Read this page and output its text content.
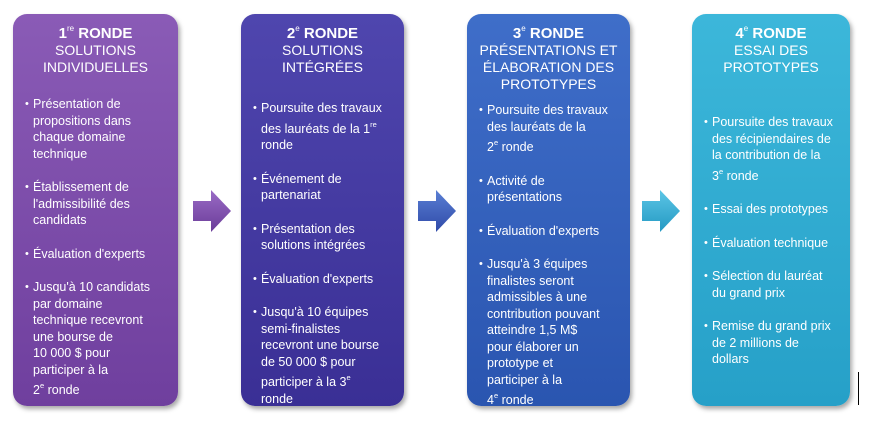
1re RONDE
SOLUTIONS
INDIVIDUELLES
• Présentation de
propositions dans
chaque domaine
technique
• Établissement de
l'admissibilité des
candidats
• Évaluation d'experts
• Jusqu'à 10 candidats
par domaine
technique recevront
une bourse de
10 000 $ pour
participer à la
2e ronde
2e RONDE
SOLUTIONS
INTÉGRÉES
• Poursuite des travaux
des lauréats de la 1re
ronde
• Événement de
partenariat
• Présentation des
solutions intégrées
• Évaluation d'experts
• Jusqu'à 10 équipes
semi-finalistes
recevront une bourse
de 50 000 $ pour
participer à la 3e
ronde
3e RONDE
PRÉSENTATIONS ET
ÉLABORATION DES
PROTOTYPES
• Poursuite des travaux
des lauréats de la
2e ronde
• Activité de
présentations
• Évaluation d'experts
• Jusqu'à 3 équipes
finalistes seront
admissibles à une
contribution pouvant
atteindre 1,5 M$
pour élaborer un
prototype et
participer à la
4e ronde
4e RONDE
ESSAI DES
PROTOTYPES
• Poursuite des travaux
des récipiendaires de
la contribution de la
3e ronde
• Essai des prototypes
• Évaluation technique
• Sélection du lauréat
du grand prix
• Remise du grand prix
de 2 millions de
dollars
